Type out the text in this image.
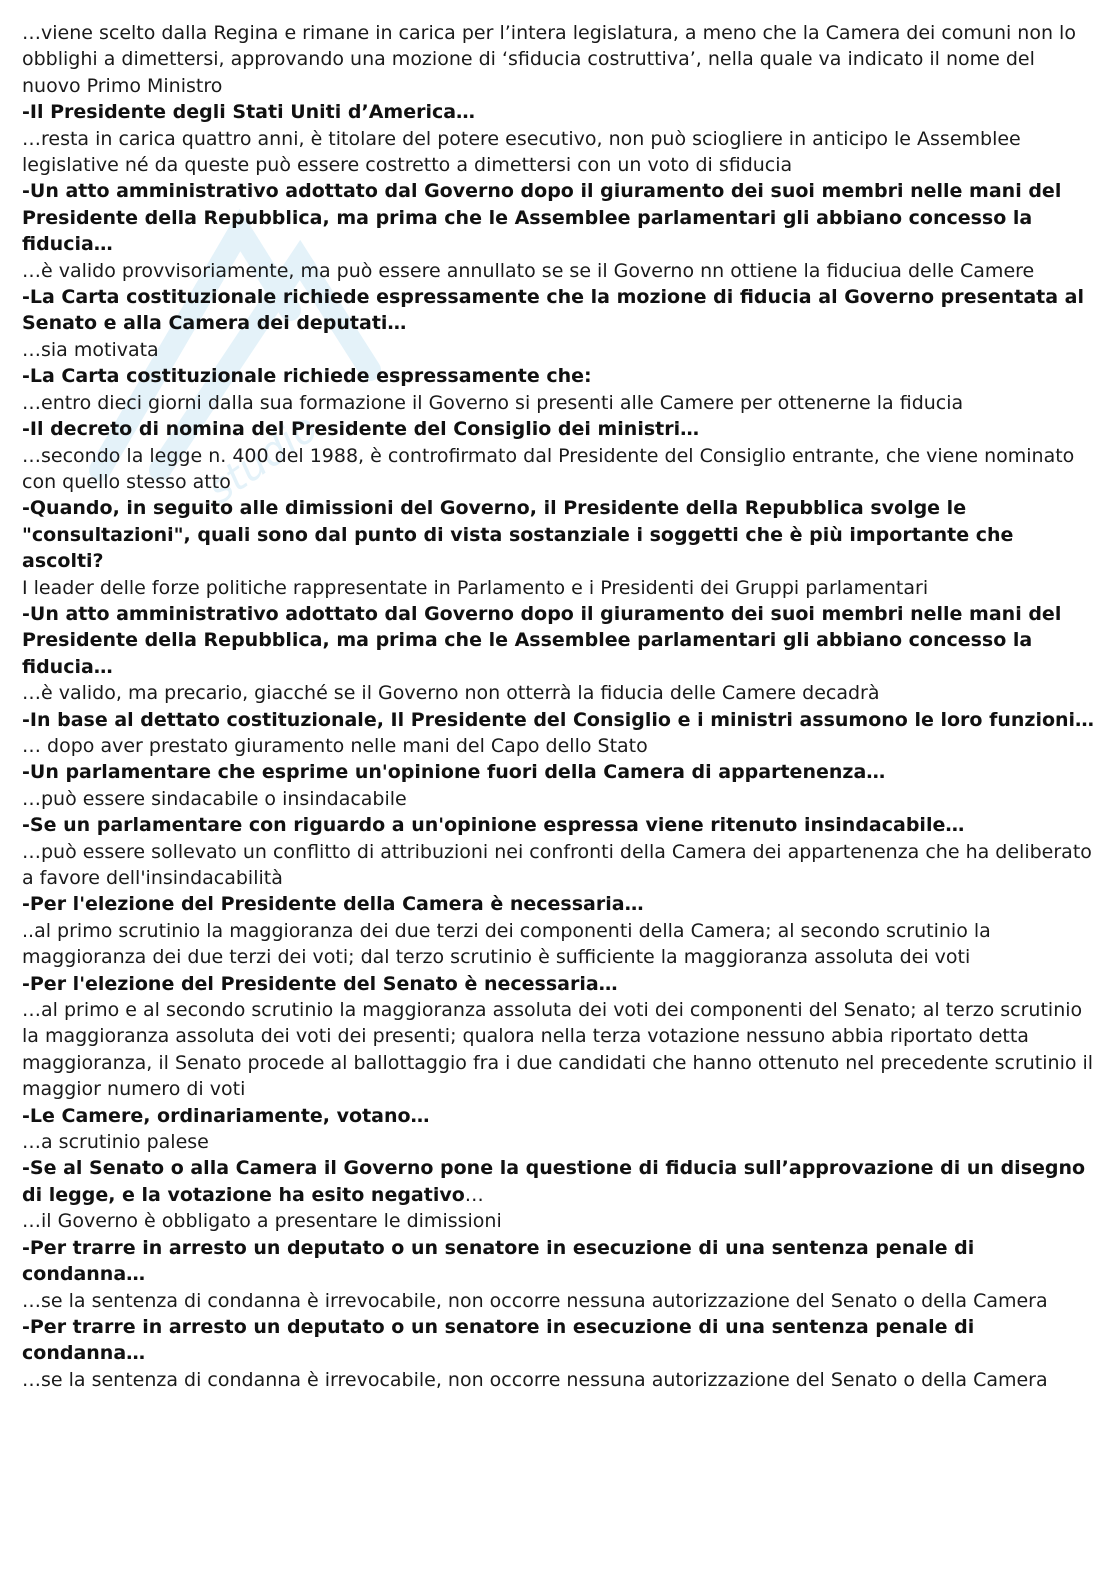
studio

…viene scelto dalla Regina e rimane in carica per l’intera legislatura, a meno che la Camera dei comuni non lo obblighi a dimettersi, approvando una mozione di ‘sfiducia costruttiva’, nella quale va indicato il nome del nuovo Primo Ministro

-Il Presidente degli Stati Uniti d’America…

…resta in carica quattro anni, è titolare del potere esecutivo, non può sciogliere in anticipo le Assemblee legislative né da queste può essere costretto a dimettersi con un voto di sfiducia

-Un atto amministrativo adottato dal Governo dopo il giuramento dei suoi membri nelle mani del Presidente della Repubblica, ma prima che le Assemblee parlamentari gli abbiano concesso la fiducia…

…è valido provvisoriamente, ma può essere annullato se se il Governo nn ottiene la fiduciua delle Camere

-La Carta costituzionale richiede espressamente che la mozione di fiducia al Governo presentata al Senato e alla Camera dei deputati…

…sia motivata

-La Carta costituzionale richiede espressamente che:

…entro dieci giorni dalla sua formazione il Governo si presenti alle Camere per ottenerne la fiducia

-Il decreto di nomina del Presidente del Consiglio dei ministri…

…secondo la legge n. 400 del 1988, è controfirmato dal Presidente del Consiglio entrante, che viene nominato con quello stesso atto

-Quando, in seguito alle dimissioni del Governo, il Presidente della Repubblica svolge le "consultazioni", quali sono dal punto di vista sostanziale i soggetti che è più importante che ascolti?

I leader delle forze politiche rappresentate in Parlamento e i Presidenti dei Gruppi parlamentari

-Un atto amministrativo adottato dal Governo dopo il giuramento dei suoi membri nelle mani del Presidente della Repubblica, ma prima che le Assemblee parlamentari gli abbiano concesso la fiducia…

…è valido, ma precario, giacché se il Governo non otterrà la fiducia delle Camere decadrà

-In base al dettato costituzionale, Il Presidente del Consiglio e i ministri assumono le loro funzioni…

… dopo aver prestato giuramento nelle mani del Capo dello Stato

-Un parlamentare che esprime un'opinione fuori della Camera di appartenenza…

…può essere sindacabile o insindacabile

-Se un parlamentare con riguardo a un'opinione espressa viene ritenuto insindacabile…

…può essere sollevato un conflitto di attribuzioni nei confronti della Camera dei appartenenza che ha deliberato a favore dell'insindacabilità

-Per l'elezione del Presidente della Camera è necessaria…

..al primo scrutinio la maggioranza dei due terzi dei componenti della Camera; al secondo scrutinio la maggioranza dei due terzi dei voti; dal terzo scrutinio è sufficiente la maggioranza assoluta dei voti

-Per l'elezione del Presidente del Senato è necessaria…

…al primo e al secondo scrutinio la maggioranza assoluta dei voti dei componenti del Senato; al terzo scrutinio la maggioranza assoluta dei voti dei presenti; qualora nella terza votazione nessuno abbia riportato detta maggioranza, il Senato procede al ballottaggio fra i due candidati che hanno ottenuto nel precedente scrutinio il maggior numero di voti

-Le Camere, ordinariamente, votano…

…a scrutinio palese

-Se al Senato o alla Camera il Governo pone la questione di fiducia sull’approvazione di un disegno di legge, e la votazione ha esito negativo…

…il Governo è obbligato a presentare le dimissioni

-Per trarre in arresto un deputato o un senatore in esecuzione di una sentenza penale di condanna…

…se la sentenza di condanna è irrevocabile, non occorre nessuna autorizzazione del Senato o della Camera

-Per trarre in arresto un deputato o un senatore in esecuzione di una sentenza penale di condanna…

…se la sentenza di condanna è irrevocabile, non occorre nessuna autorizzazione del Senato o della Camera
